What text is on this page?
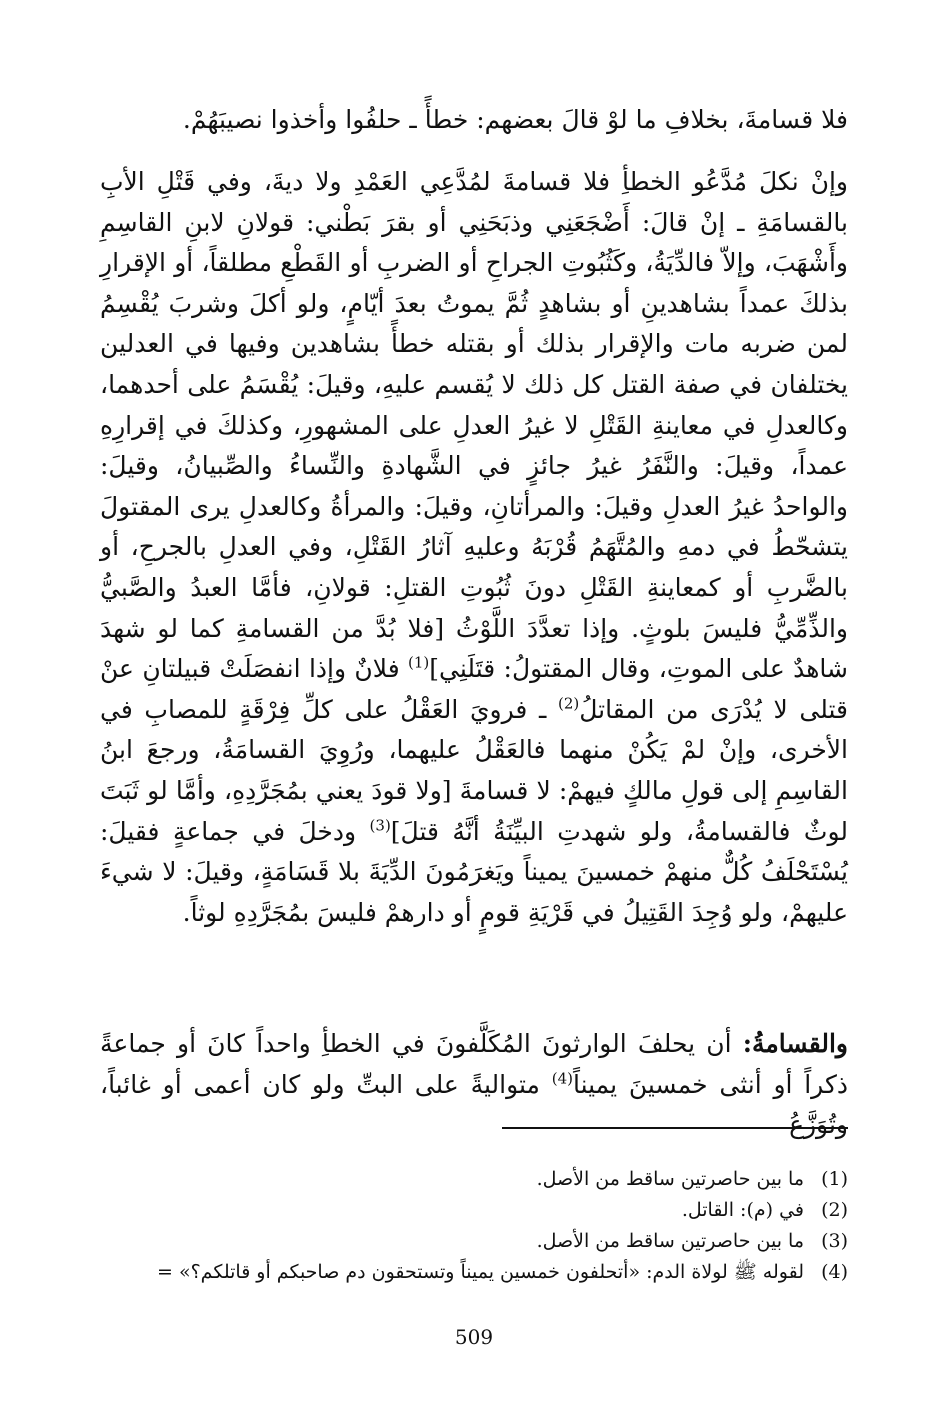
فلا قسامةَ، بخلافِ ما لوْ قالَ بعضهم: خطأً ـ حلفُوا وأخذوا نصيبَهُمْ.

وإنْ نكلَ مُدَّعُو الخطأِ فلا قسامةَ لمُدَّعِي العَمْدِ ولا ديةَ، وفي قَتْلِ الأبِ بالقسامَةِ ـ إنْ قالَ: أَضْجَعَنِي وذبَحَنِي أو بقرَ بَطْني: قولانِ لابنِ القاسِمِ وأَشْهَبَ، وإلاّ فالدِّيَةُ، وكَثُبُوتِ الجراحِ أو الضربِ أو القَطْعِ مطلقاً، أو الإقرارِ بذلكَ عمداً بشاهدينِ أو بشاهدٍ ثُمَّ يموتُ بعدَ أيّامٍ، ولو أكلَ وشربَ يُقْسِمُ لمن ضربه مات والإقرار بذلك أو بقتله خطأً بشاهدين وفيها في العدلين يختلفان في صفة القتل كل ذلك لا يُقسم عليهِ، وقيلَ: يُقْسَمُ على أحدهما، وكالعدلِ في معاينةِ القَتْلِ لا غيرُ العدلِ على المشهورِ، وكذلكَ في إقرارِهِ عمداً، وقيلَ: والنَّفَرُ غيرُ جائزٍ في الشَّهادةِ والنِّساءُ والصِّبيانُ، وقيلَ: والواحدُ غيرُ العدلِ وقيلَ: والمرأتانِ، وقيلَ: والمرأةُ وكالعدلِ يرى المقتولَ يتشحّطُ في دمهِ والمُتَّهَمُ قُرْبَهُ وعليهِ آثارُ القَتْلِ، وفي العدلِ بالجرحِ، أو بالضَّربِ أو كمعاينةِ القَتْلِ دونَ ثُبُوتِ القتلِ: قولانِ، فأمَّا العبدُ والصَّبيُّ والذِّمِّيُّ فليسَ بلوثٍ. وإذا تعدَّدَ اللَّوْثُ [فلا بُدَّ من القسامةِ كما لو شهدَ شاهدٌ على الموتِ، وقال المقتولُ: قتَلَنِي]$^{(1)}$ فلانٌ وإذا انفصَلَتْ قبيلتانِ عنْ قتلى لا يُدْرَى من المقاتلُ$^{(2)}$ ـ فرويَ العَقْلُ على كلِّ فِرْقَةٍ للمصابِ في الأخرى، وإنْ لمْ يَكُنْ منهما فالعَقْلُ عليهما، ورُوِيَ القسامَةُ، ورجعَ ابنُ القاسِمِ إلى قولِ مالكٍ فيهمْ: لا قسامةَ [ولا قودَ يعني بمُجَرَّدِهِ، وأمَّا لو ثَبَتَ لوثٌ فالقسامةُ، ولو شهدتِ البيِّنَةُ أنَّهُ قتلَ]$^{(3)}$ ودخلَ في جماعةٍ فقيلَ: يُسْتَحْلَفُ كُلٌّ منهمْ خمسينَ يميناً ويَغرَمُونَ الدِّيَةَ بلا قَسَامَةٍ، وقيلَ: لا شيءَ عليهمْ، ولو وُجِدَ القَتِيلُ في قَرْيَةِ قومٍ أو دارهمْ فليسَ بمُجَرَّدِهِ لوثاً.

والقسامةُ: أن يحلفَ الوارثونَ المُكَلَّفونَ في الخطأِ واحداً كانَ أو جماعةً ذكراً أو أنثى خمسينَ يميناً$^{(4)}$ متواليةً على البتِّ ولو كان أعمى أو غائباً، وتُوَزَّعُ

(1)ما بين حاصرتين ساقط من الأصل.
(2)في (م): القاتل.
(3)ما بين حاصرتين ساقط من الأصل.
(4)لقوله ﷺ لولاة الدم: «أتحلفون خمسين يميناً وتستحقون دم صاحبكم أو قاتلكم؟» =
509
